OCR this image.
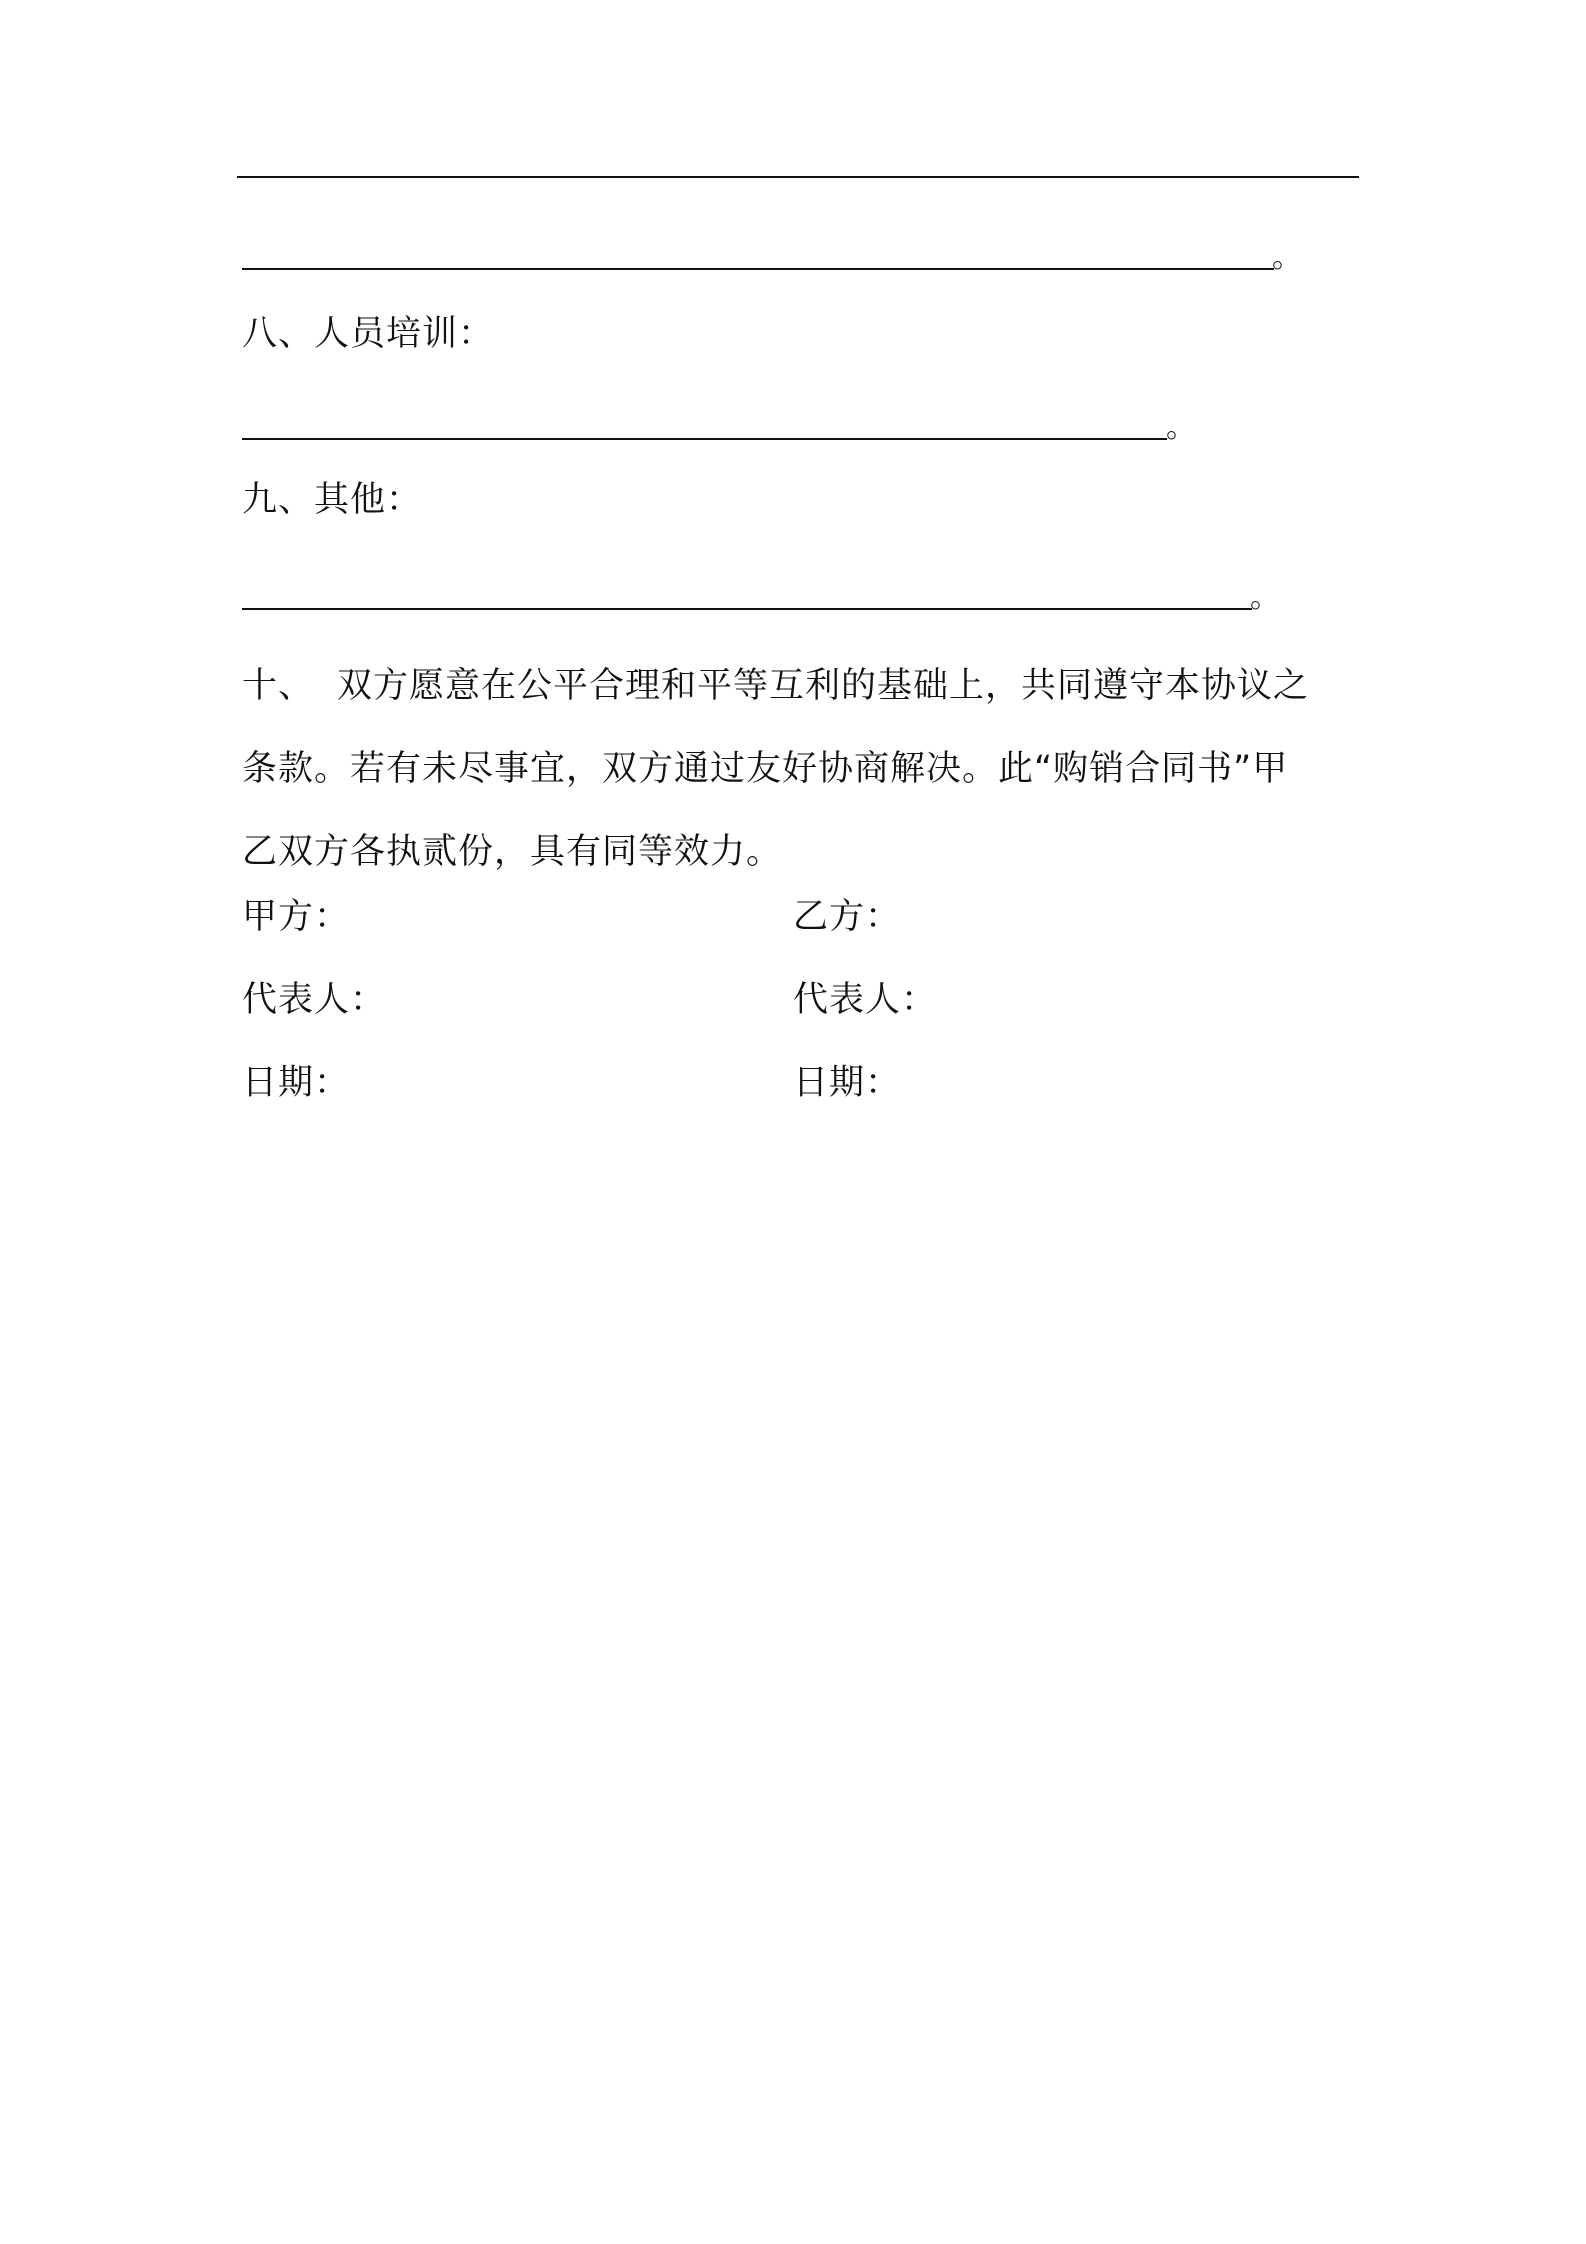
。
八、人员培训：
。
九、其他：
。
十、 双方愿意在公平合理和平等互利的基础上，共同遵守本协议之
条款。若有未尽事宜，双方通过友好协商解决。此“购销合同书”甲
乙双方各执贰份，具有同等效力。
甲方：	乙方：
代表人：	代表人：
日期：	日期：
